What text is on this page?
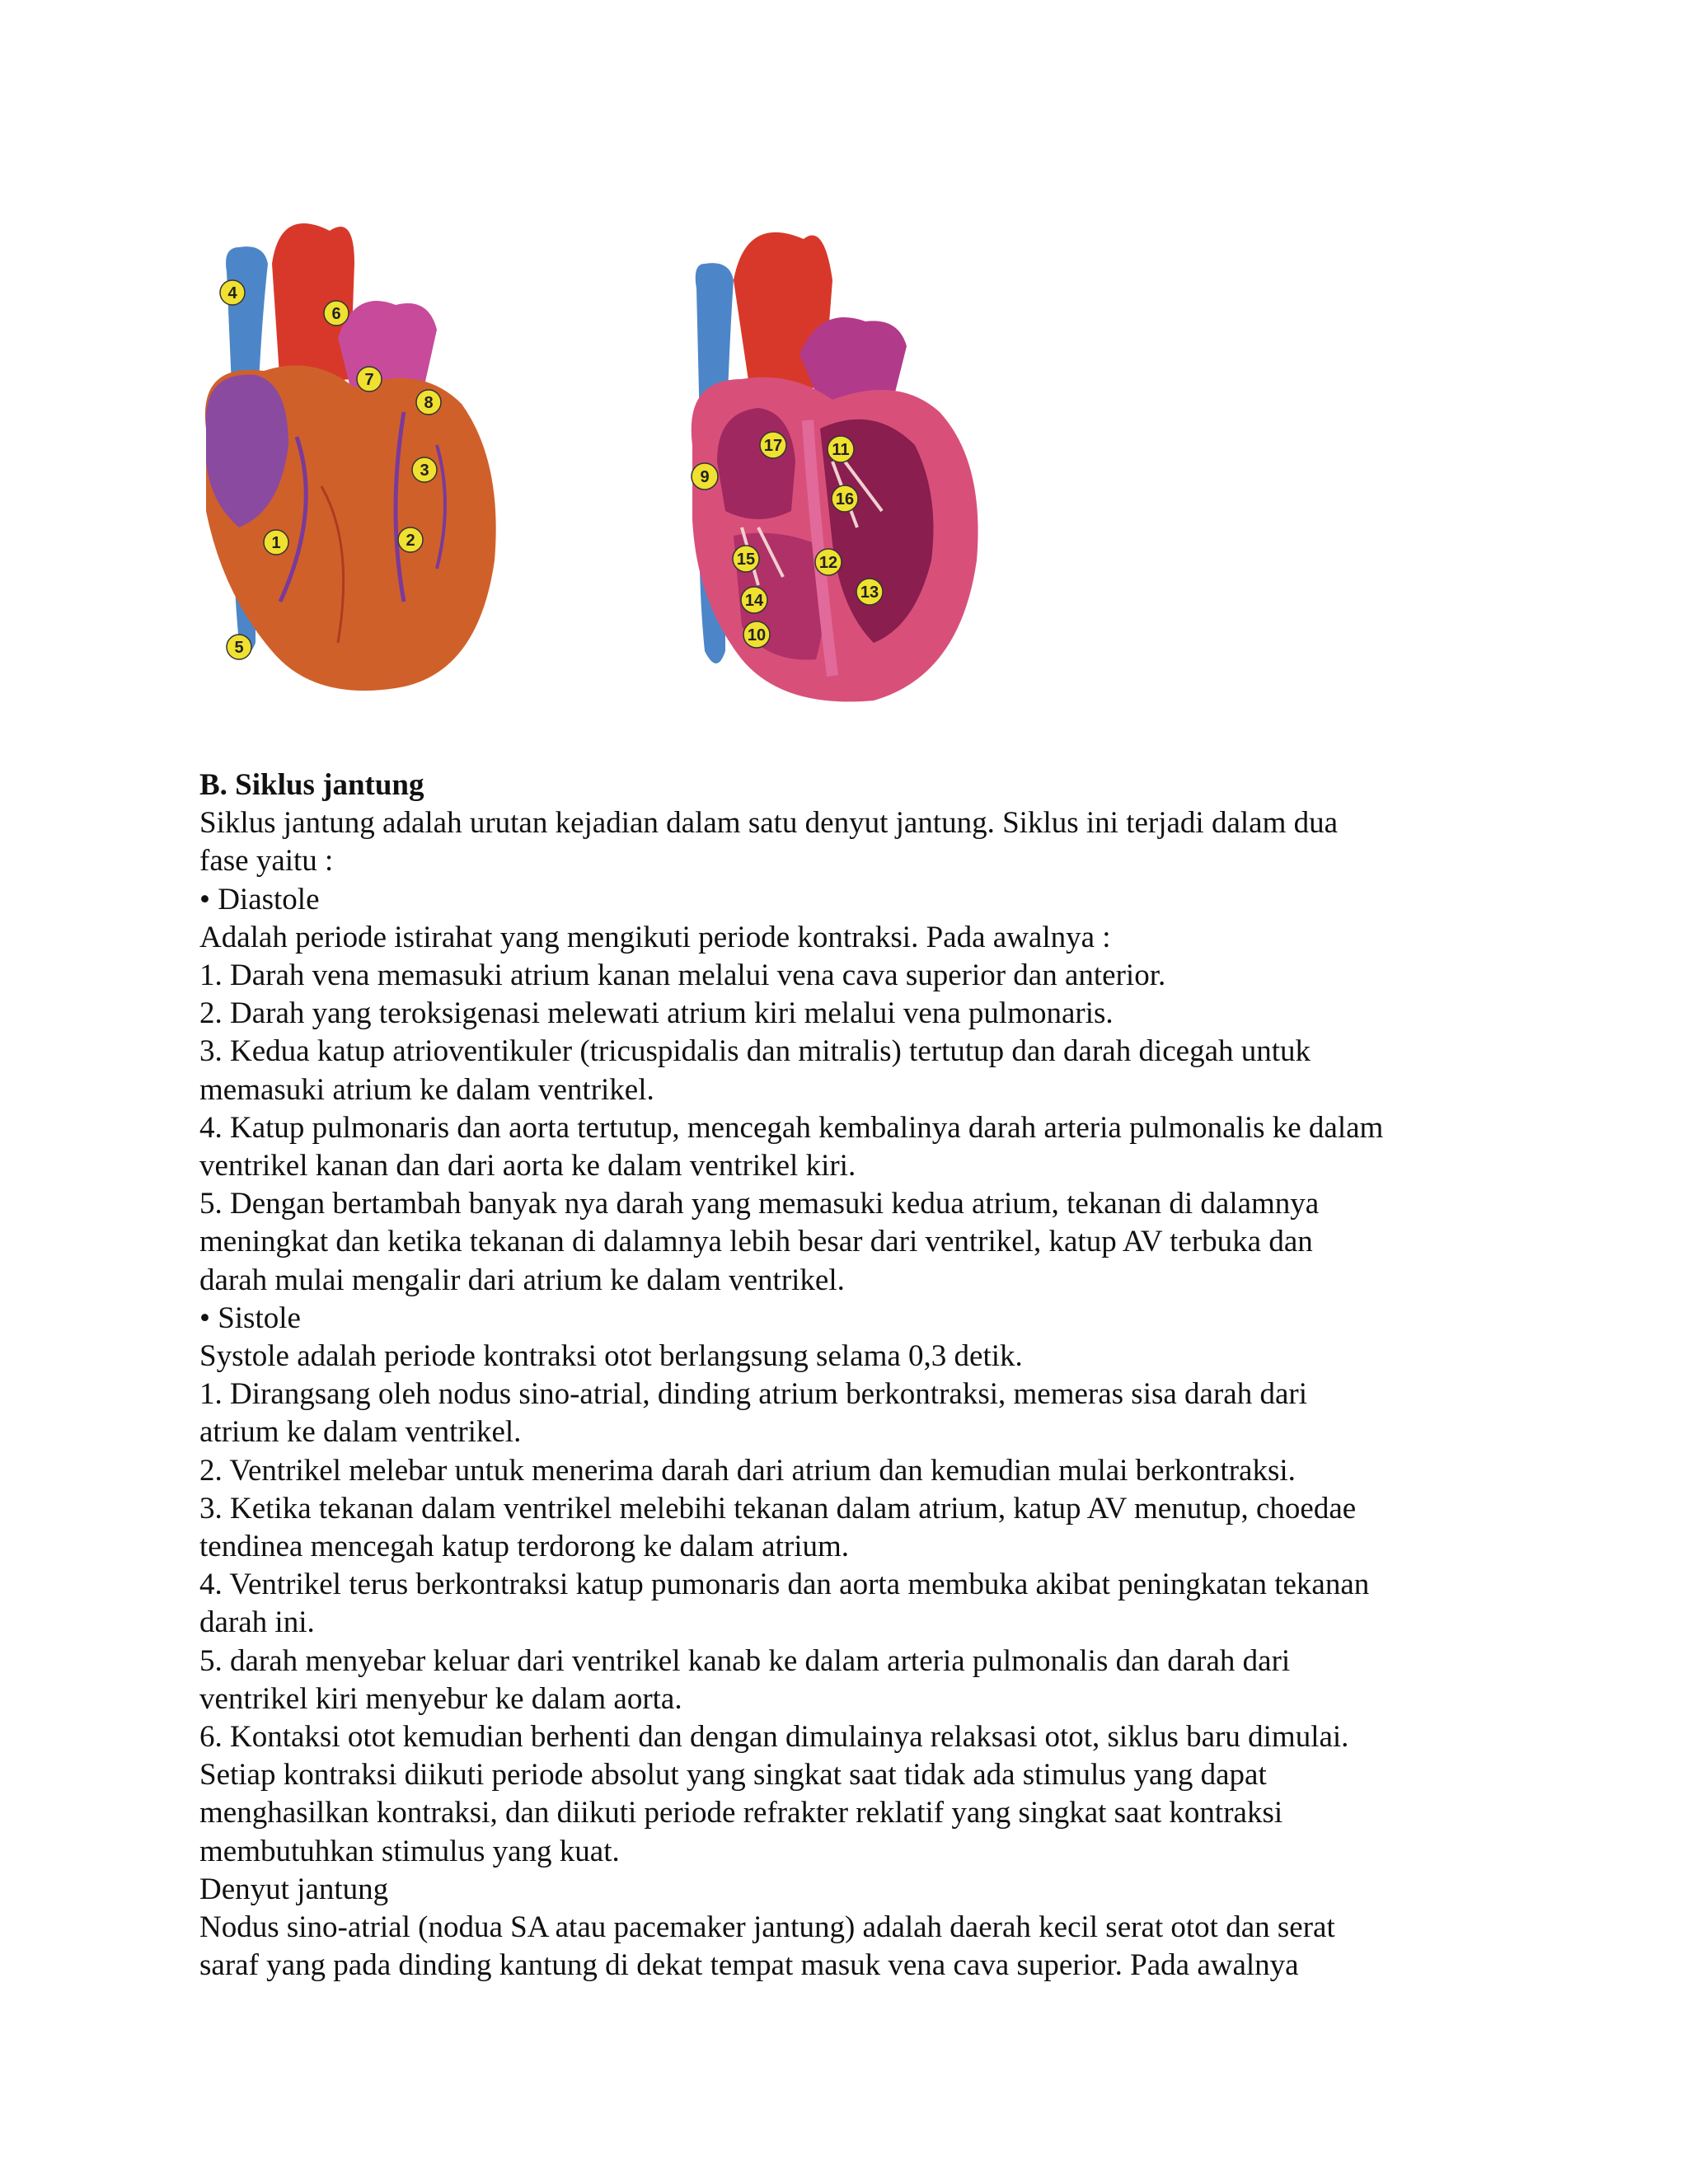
4
6
7
8
3
1	2
5
9
17	11
16
15	12
14	13
10

B. Siklus jantung

Siklus jantung adalah urutan kejadian dalam satu denyut jantung. Siklus ini terjadi dalam dua

fase yaitu :

• Diastole

Adalah periode istirahat yang mengikuti periode kontraksi. Pada awalnya :

1. Darah vena memasuki atrium kanan melalui vena cava superior dan anterior.

2. Darah yang teroksigenasi melewati atrium kiri melalui vena pulmonaris.

3. Kedua katup atrioventikuler (tricuspidalis dan mitralis) tertutup dan darah dicegah untuk

memasuki atrium ke dalam ventrikel.

4. Katup pulmonaris dan aorta tertutup, mencegah kembalinya darah arteria pulmonalis ke dalam

ventrikel kanan dan dari aorta ke dalam ventrikel kiri.

5. Dengan bertambah banyak nya darah yang memasuki kedua atrium, tekanan di dalamnya

meningkat dan ketika tekanan di dalamnya lebih besar dari ventrikel, katup AV terbuka dan

darah mulai mengalir dari atrium ke dalam ventrikel.

• Sistole

Systole adalah periode kontraksi otot berlangsung selama 0,3 detik.

1. Dirangsang oleh nodus sino-atrial, dinding atrium berkontraksi, memeras sisa darah dari

atrium ke dalam ventrikel.

2. Ventrikel melebar untuk menerima darah dari atrium dan kemudian mulai berkontraksi.

3. Ketika tekanan dalam ventrikel melebihi tekanan dalam atrium, katup AV menutup, choedae

tendinea mencegah katup terdorong ke dalam atrium.

4. Ventrikel terus berkontraksi katup pumonaris dan aorta membuka akibat peningkatan tekanan

darah ini.

5. darah menyebar keluar dari ventrikel kanab ke dalam arteria pulmonalis dan darah dari

ventrikel kiri menyebur ke dalam aorta.

6. Kontaksi otot kemudian berhenti dan dengan dimulainya relaksasi otot, siklus baru dimulai.

Setiap kontraksi diikuti periode absolut yang singkat saat tidak ada stimulus yang dapat

menghasilkan kontraksi, dan diikuti periode refrakter reklatif yang singkat saat kontraksi

membutuhkan stimulus yang kuat.

Denyut jantung

Nodus sino-atrial (nodua SA atau pacemaker jantung) adalah daerah kecil serat otot dan serat

saraf yang pada dinding kantung di dekat tempat masuk vena cava superior. Pada awalnya
